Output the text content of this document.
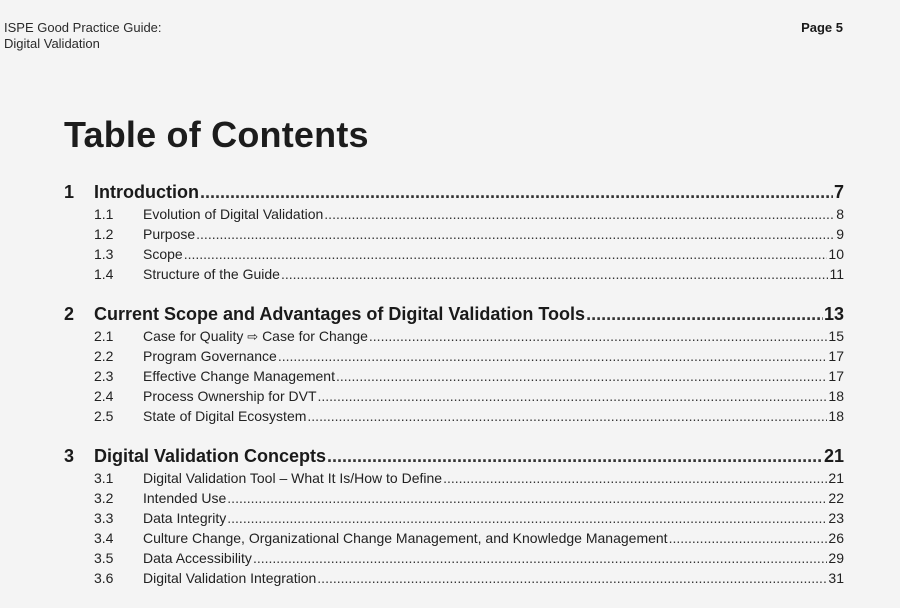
ISPE Good Practice Guide:
Digital Validation
Page 5
Table of Contents
1	Introduction .....	7
1.1	Evolution of Digital Validation .....	8
1.2	Purpose .....	9
1.3	Scope .....	10
1.4	Structure of the Guide .....	11
2	Current Scope and Advantages of Digital Validation Tools .....	13
2.1	Case for Quality ⇨ Case for Change .....	15
2.2	Program Governance .....	17
2.3	Effective Change Management .....	17
2.4	Process Ownership for DVT .....	18
2.5	State of Digital Ecosystem .....	18
3	Digital Validation Concepts .....	21
3.1	Digital Validation Tool – What It Is/How to Define .....	21
3.2	Intended Use .....	22
3.3	Data Integrity .....	23
3.4	Culture Change, Organizational Change Management, and Knowledge Management .....	26
3.5	Data Accessibility .....	29
3.6	Digital Validation Integration .....	31
